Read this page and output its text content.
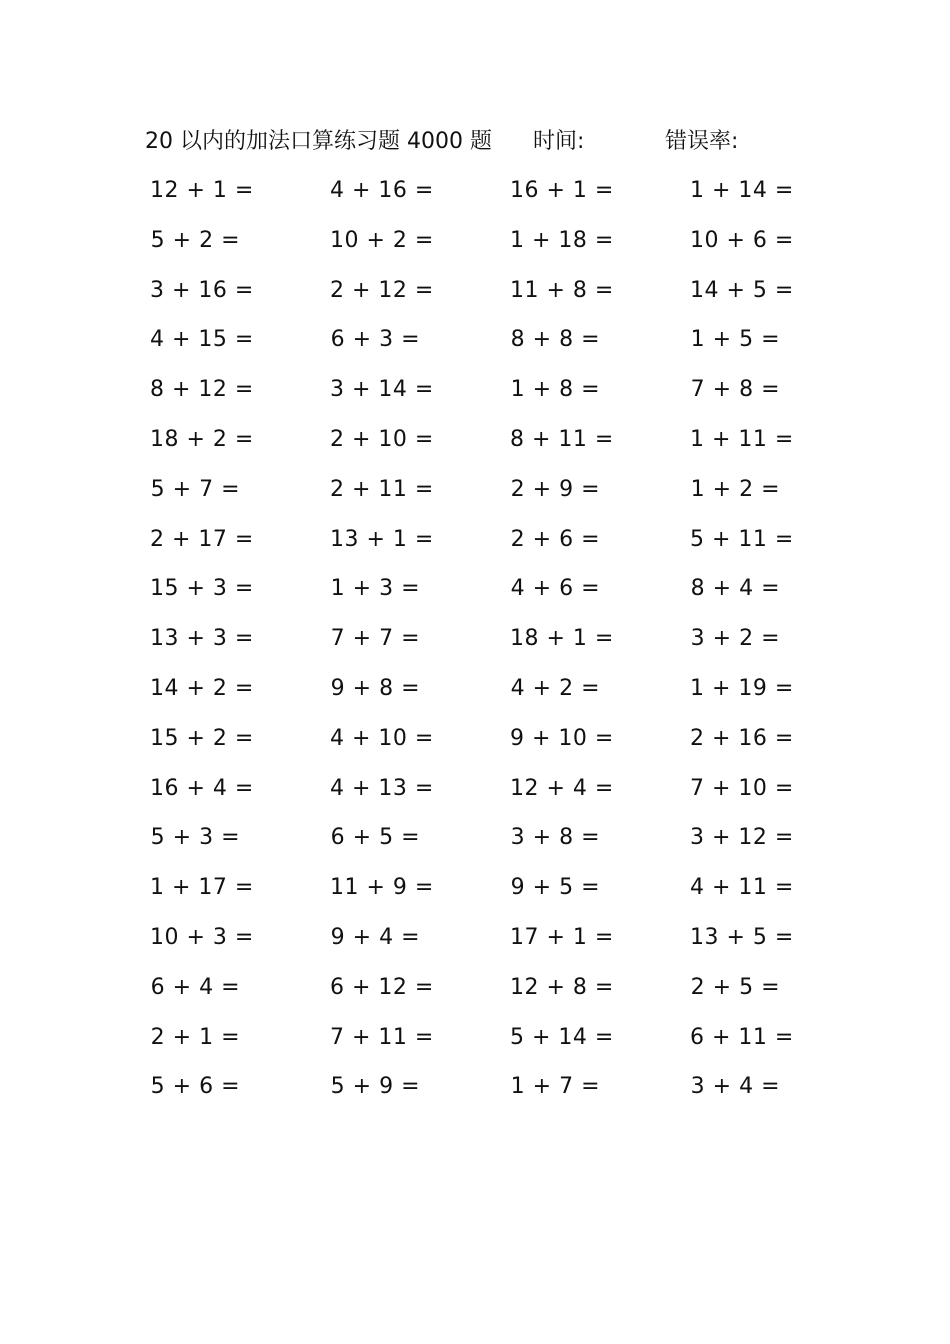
20 以内的加法口算练习题 4000 题 时间:	错误率:
12 + 1 =	4 + 16 =	16 + 1 =	1 + 14 =
5 + 2 =	10 + 2 =	1 + 18 =	10 + 6 =
3 + 16 =	2 + 12 =	11 + 8 =	14 + 5 =
4 + 15 =	6 + 3 =	8 + 8 =	1 + 5 =
8 + 12 =	3 + 14 =	1 + 8 =	7 + 8 =
18 + 2 =	2 + 10 =	8 + 11 =	1 + 11 =
5 + 7 =	2 + 11 =	2 + 9 =	1 + 2 =
2 + 17 =	13 + 1 =	2 + 6 =	5 + 11 =
15 + 3 =	1 + 3 =	4 + 6 =	8 + 4 =
13 + 3 =	7 + 7 =	18 + 1 =	3 + 2 =
14 + 2 =	9 + 8 =	4 + 2 =	1 + 19 =
15 + 2 =	4 + 10 =	9 + 10 =	2 + 16 =
16 + 4 =	4 + 13 =	12 + 4 =	7 + 10 =
5 + 3 =	6 + 5 =	3 + 8 =	3 + 12 =
1 + 17 =	11 + 9 =	9 + 5 =	4 + 11 =
10 + 3 =	9 + 4 =	17 + 1 =	13 + 5 =
6 + 4 =	6 + 12 =	12 + 8 =	2 + 5 =
2 + 1 =	7 + 11 =	5 + 14 =	6 + 11 =
5 + 6 =	5 + 9 =	1 + 7 =	3 + 4 =
